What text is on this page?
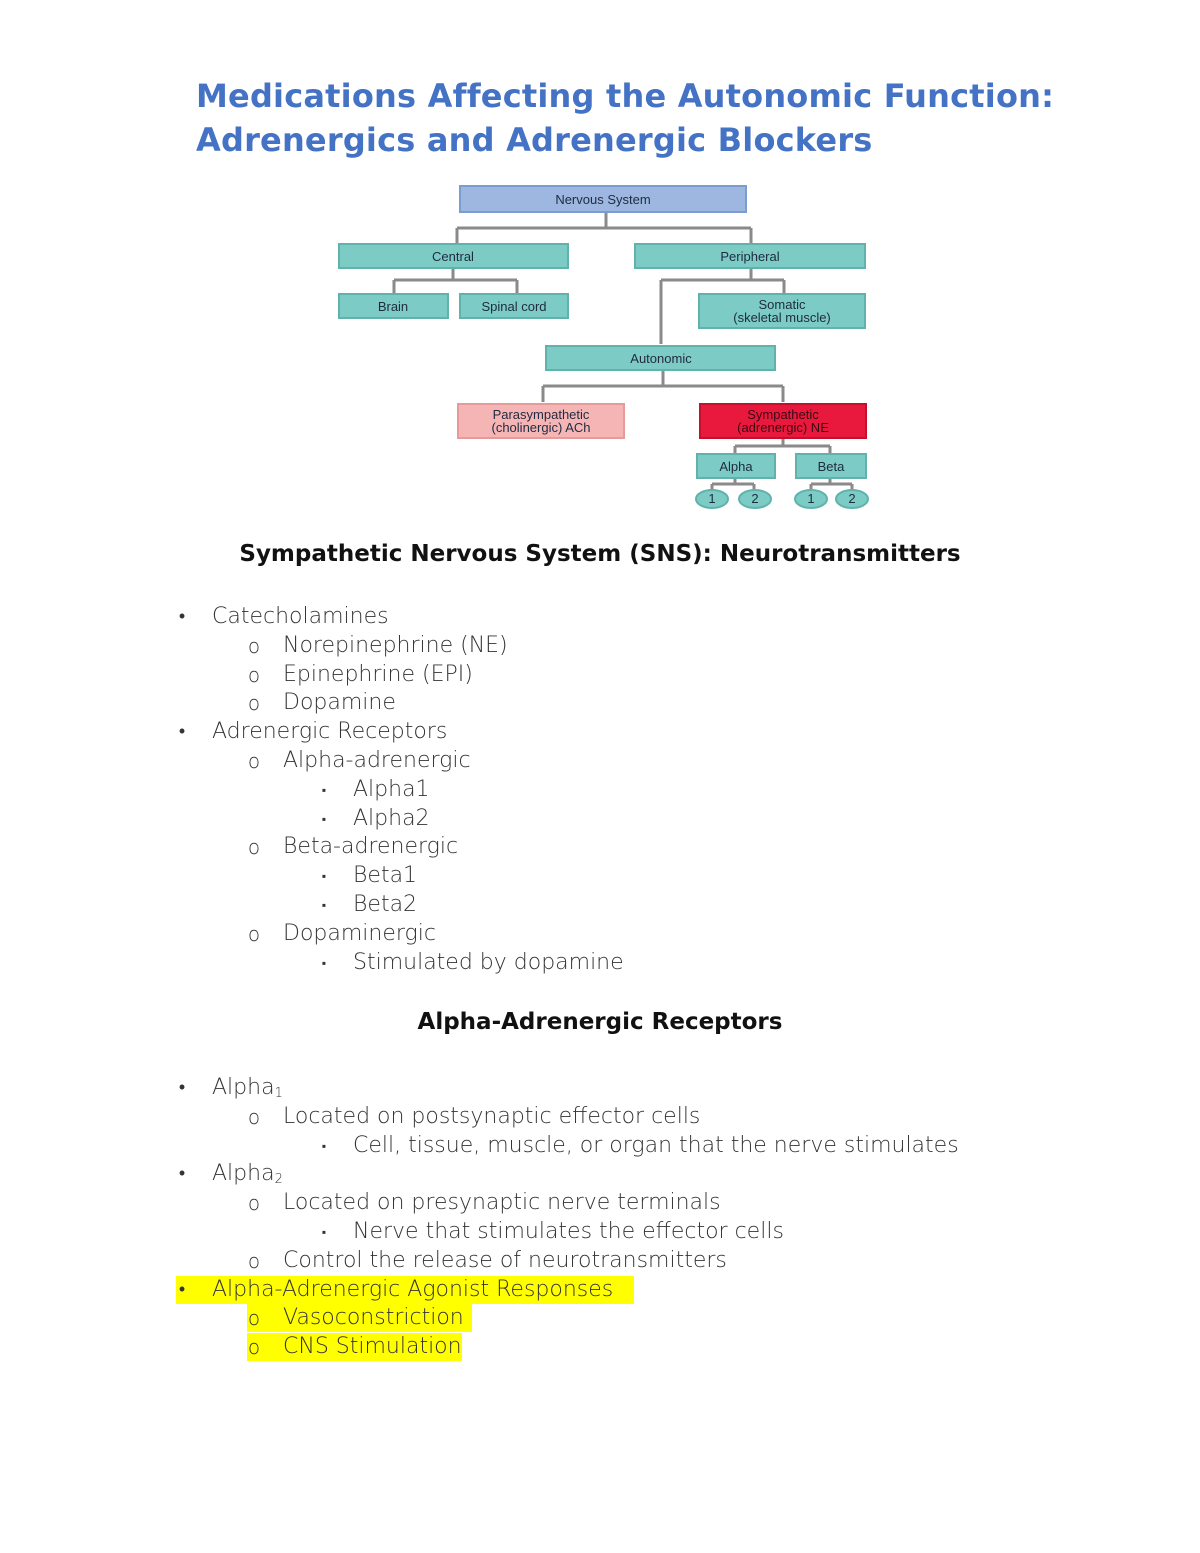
Medications Affecting the Autonomic Function:
Adrenergics and Adrenergic Blockers
Nervous System
Central	Peripheral
Brain	Spinal cord	Somatic
(skeletal muscle)
Autonomic
Parasympathetic
(cholinergic) ACh
Sympathetic
(adrenergic) NE
Alpha	Beta
1	2	1	2
Sympathetic Nervous System (SNS): Neurotransmitters
•	Catecholamines
o Norepinephrine (NE)
o Epinephrine (EPI)
o Dopamine
•	Adrenergic Receptors
o Alpha-adrenergic
▪	Alpha1
▪	Alpha2
o Beta-adrenergic
▪	Beta1
▪	Beta2
o Dopaminergic
▪	Stimulated by dopamine
Alpha-Adrenergic Receptors
•	Alpha$_1$
o Located on postsynaptic effector cells
▪	Cell, tissue, muscle, or organ that the nerve stimulates
•	Alpha$_2$
o Located on presynaptic nerve terminals
▪	Nerve that stimulates the effector cells
o Control the release of neurotransmitters
•	Alpha-Adrenergic Agonist Responses
o Vasoconstriction
o CNS Stimulation
